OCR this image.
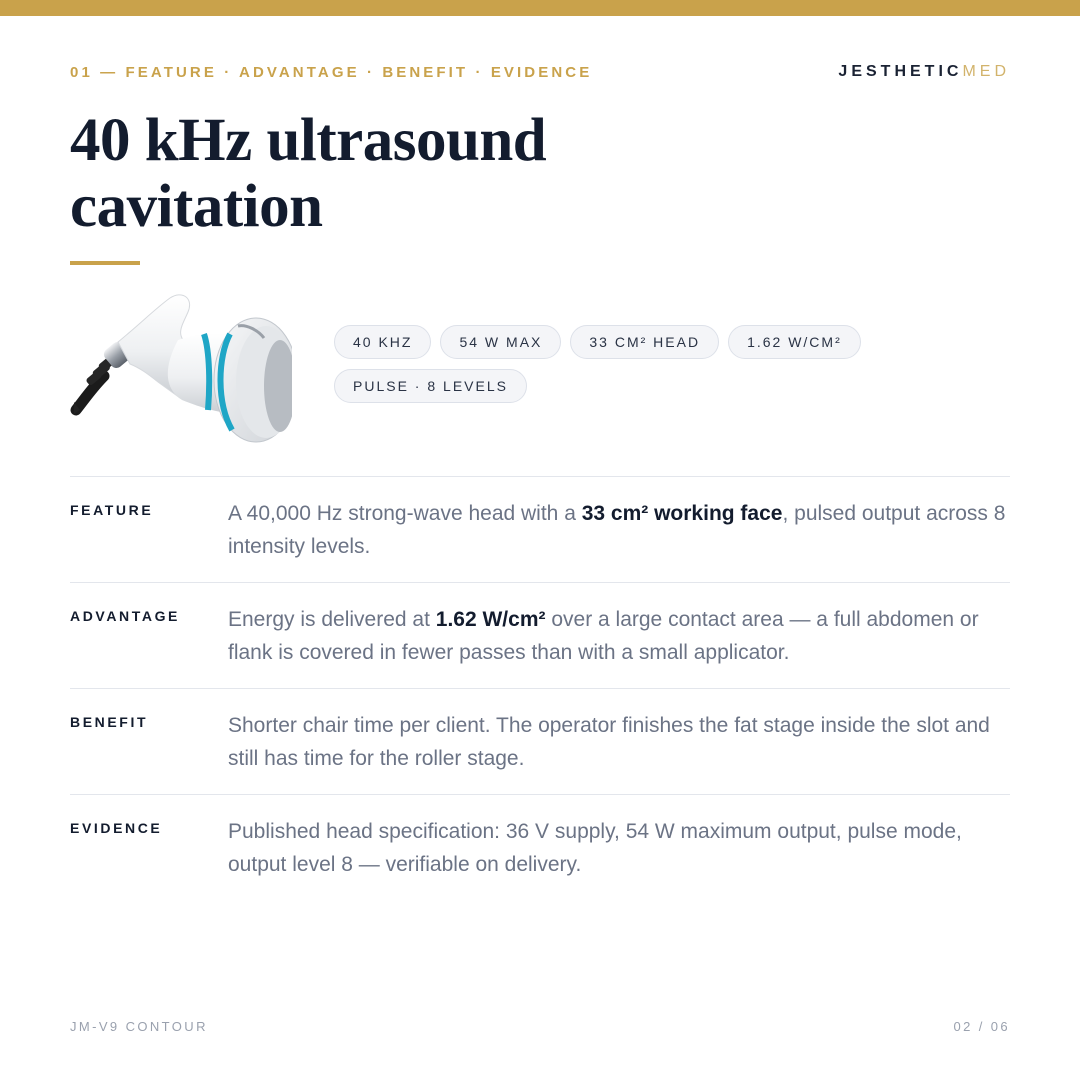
01 — FEATURE · ADVANTAGE · BENEFIT · EVIDENCE	JESTHETICMED
40 kHz ultrasound
cavitation
40 KHZ	54 W MAX	33 CM² HEAD	1.62 W/CM²
PULSE · 8 LEVELS
FEATURE	A 40,000 Hz strong-wave head with a 33 cm² working face, pulsed output across 8 intensity levels.
ADVANTAGE Energy is delivered at 1.62 W/cm² over a large contact area — a full abdomen or flank is covered in fewer passes than with a small applicator.
BENEFIT	Shorter chair time per client. The operator finishes the fat stage inside the slot and still has time for the roller stage.
EVIDENCE	Published head specification: 36 V supply, 54 W maximum output, pulse mode, output level 8 — verifiable on delivery.
JM-V9 CONTOUR	02 / 06
